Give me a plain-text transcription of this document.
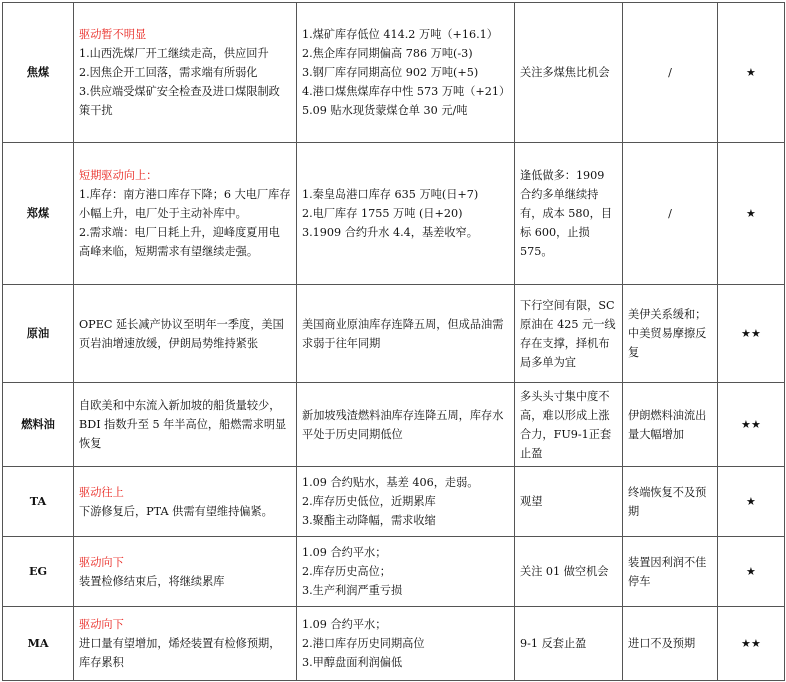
焦煤	驱动暂不明显
1.山西洗煤厂开工继续走高，供应回升
2.因焦企开工回落，需求端有所弱化
3.供应端受煤矿安全检查及进口煤限制政策干扰	1.煤矿库存低位 414.2 万吨（+16.1）
2.焦企库存同期偏高 786 万吨(-3)
3.钢厂库存同期高位 902 万吨(+5)
4.港口煤焦煤库存中性 573 万吨（+21）
5.09 贴水现货蒙煤仓单 30 元/吨	关注多煤焦比机会	/	★
郑煤	短期驱动向上：
1.库存：南方港口库存下降；6 大电厂库存小幅上升，电厂处于主动补库中。
2.需求端：电厂日耗上升，迎峰度夏用电高峰来临，短期需求有望继续走强。	1.秦皇岛港口库存 635 万吨(日+7)
2.电厂库存 1755 万吨 (日+20)
3.1909 合约升水 4.4，基差收窄。	逢低做多：1909 合约多单继续持有，成本 580，目标 600，止损 575。	/	★
原油	OPEC 延长减产协议至明年一季度，美国页岩油增速放缓，伊朗局势维持紧张	美国商业原油库存连降五周，但成品油需求弱于往年同期	下行空间有限，SC 原油在 425 元一线存在支撑，择机布局多单为宜	美伊关系缓和；中美贸易摩擦反复	★★
燃料油	自欧美和中东流入新加坡的船货量较少，BDI 指数升至 5 年半高位，船燃需求明显恢复	新加坡残渣燃料油库存连降五周，库存水平处于历史同期低位	多头头寸集中度不高，难以形成上涨合力，FU9-1正套止盈	伊朗燃料油流出量大幅增加	★★
TA	驱动往上
下游修复后，PTA 供需有望维持偏紧。	1.09 合约贴水，基差 406，走弱。
2.库存历史低位，近期累库
3.聚酯主动降幅，需求收缩	观望	终端恢复不及预期	★
EG	驱动向下
装置检修结束后，将继续累库	1.09 合约平水；
2.库存历史高位；
3.生产利润严重亏损	关注 01 做空机会	装置因利润不佳停车	★
MA	驱动向下
进口量有望增加，烯烃装置有检修预期，库存累积	1.09 合约平水；
2.港口库存历史同期高位
3.甲醇盘面利润偏低	9-1 反套止盈	进口不及预期	★★
